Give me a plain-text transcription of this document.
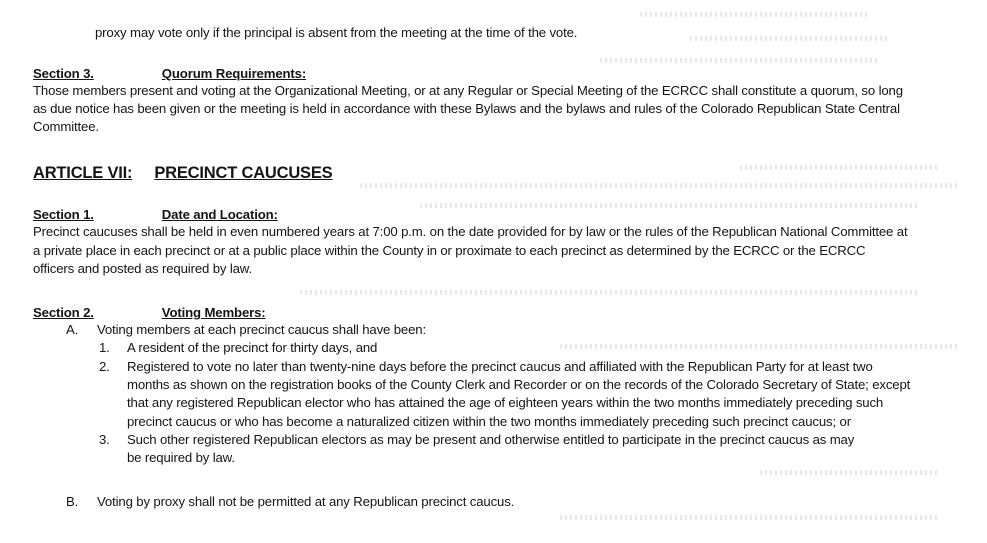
proxy may vote only if the principal is absent from the meeting at the time of the vote.
Section 3.	Quorum Requirements:
Those members present and voting at the Organizational Meeting, or at any Regular or Special Meeting of the ECRCC shall constitute a quorum, so long
as due notice has been given or the meeting is held in accordance with these Bylaws and the bylaws and rules of the Colorado Republican State Central
Committee.
ARTICLE VII: PRECINCT CAUCUSES
Section 1.	Date and Location:
Precinct caucuses shall be held in even numbered years at 7:00 p.m. on the date provided for by law or the rules of the Republican National Committee at
a private place in each precinct or at a public place within the County in or proximate to each precinct as determined by the ECRCC or the ECRCC
officers and posted as required by law.
Section 2.	Voting Members:
A. Voting members at each precinct caucus shall have been:
1. A resident of the precinct for thirty days, and
2. Registered to vote no later than twenty-nine days before the precinct caucus and affiliated with the Republican Party for at least two
months as shown on the registration books of the County Clerk and Recorder or on the records of the Colorado Secretary of State; except
that any registered Republican elector who has attained the age of eighteen years within the two months immediately preceding such
precinct caucus or who has become a naturalized citizen within the two months immediately preceding such precinct caucus; or
3. Such other registered Republican electors as may be present and otherwise entitled to participate in the precinct caucus as may
be required by law.
B. Voting by proxy shall not be permitted at any Republican precinct caucus.
